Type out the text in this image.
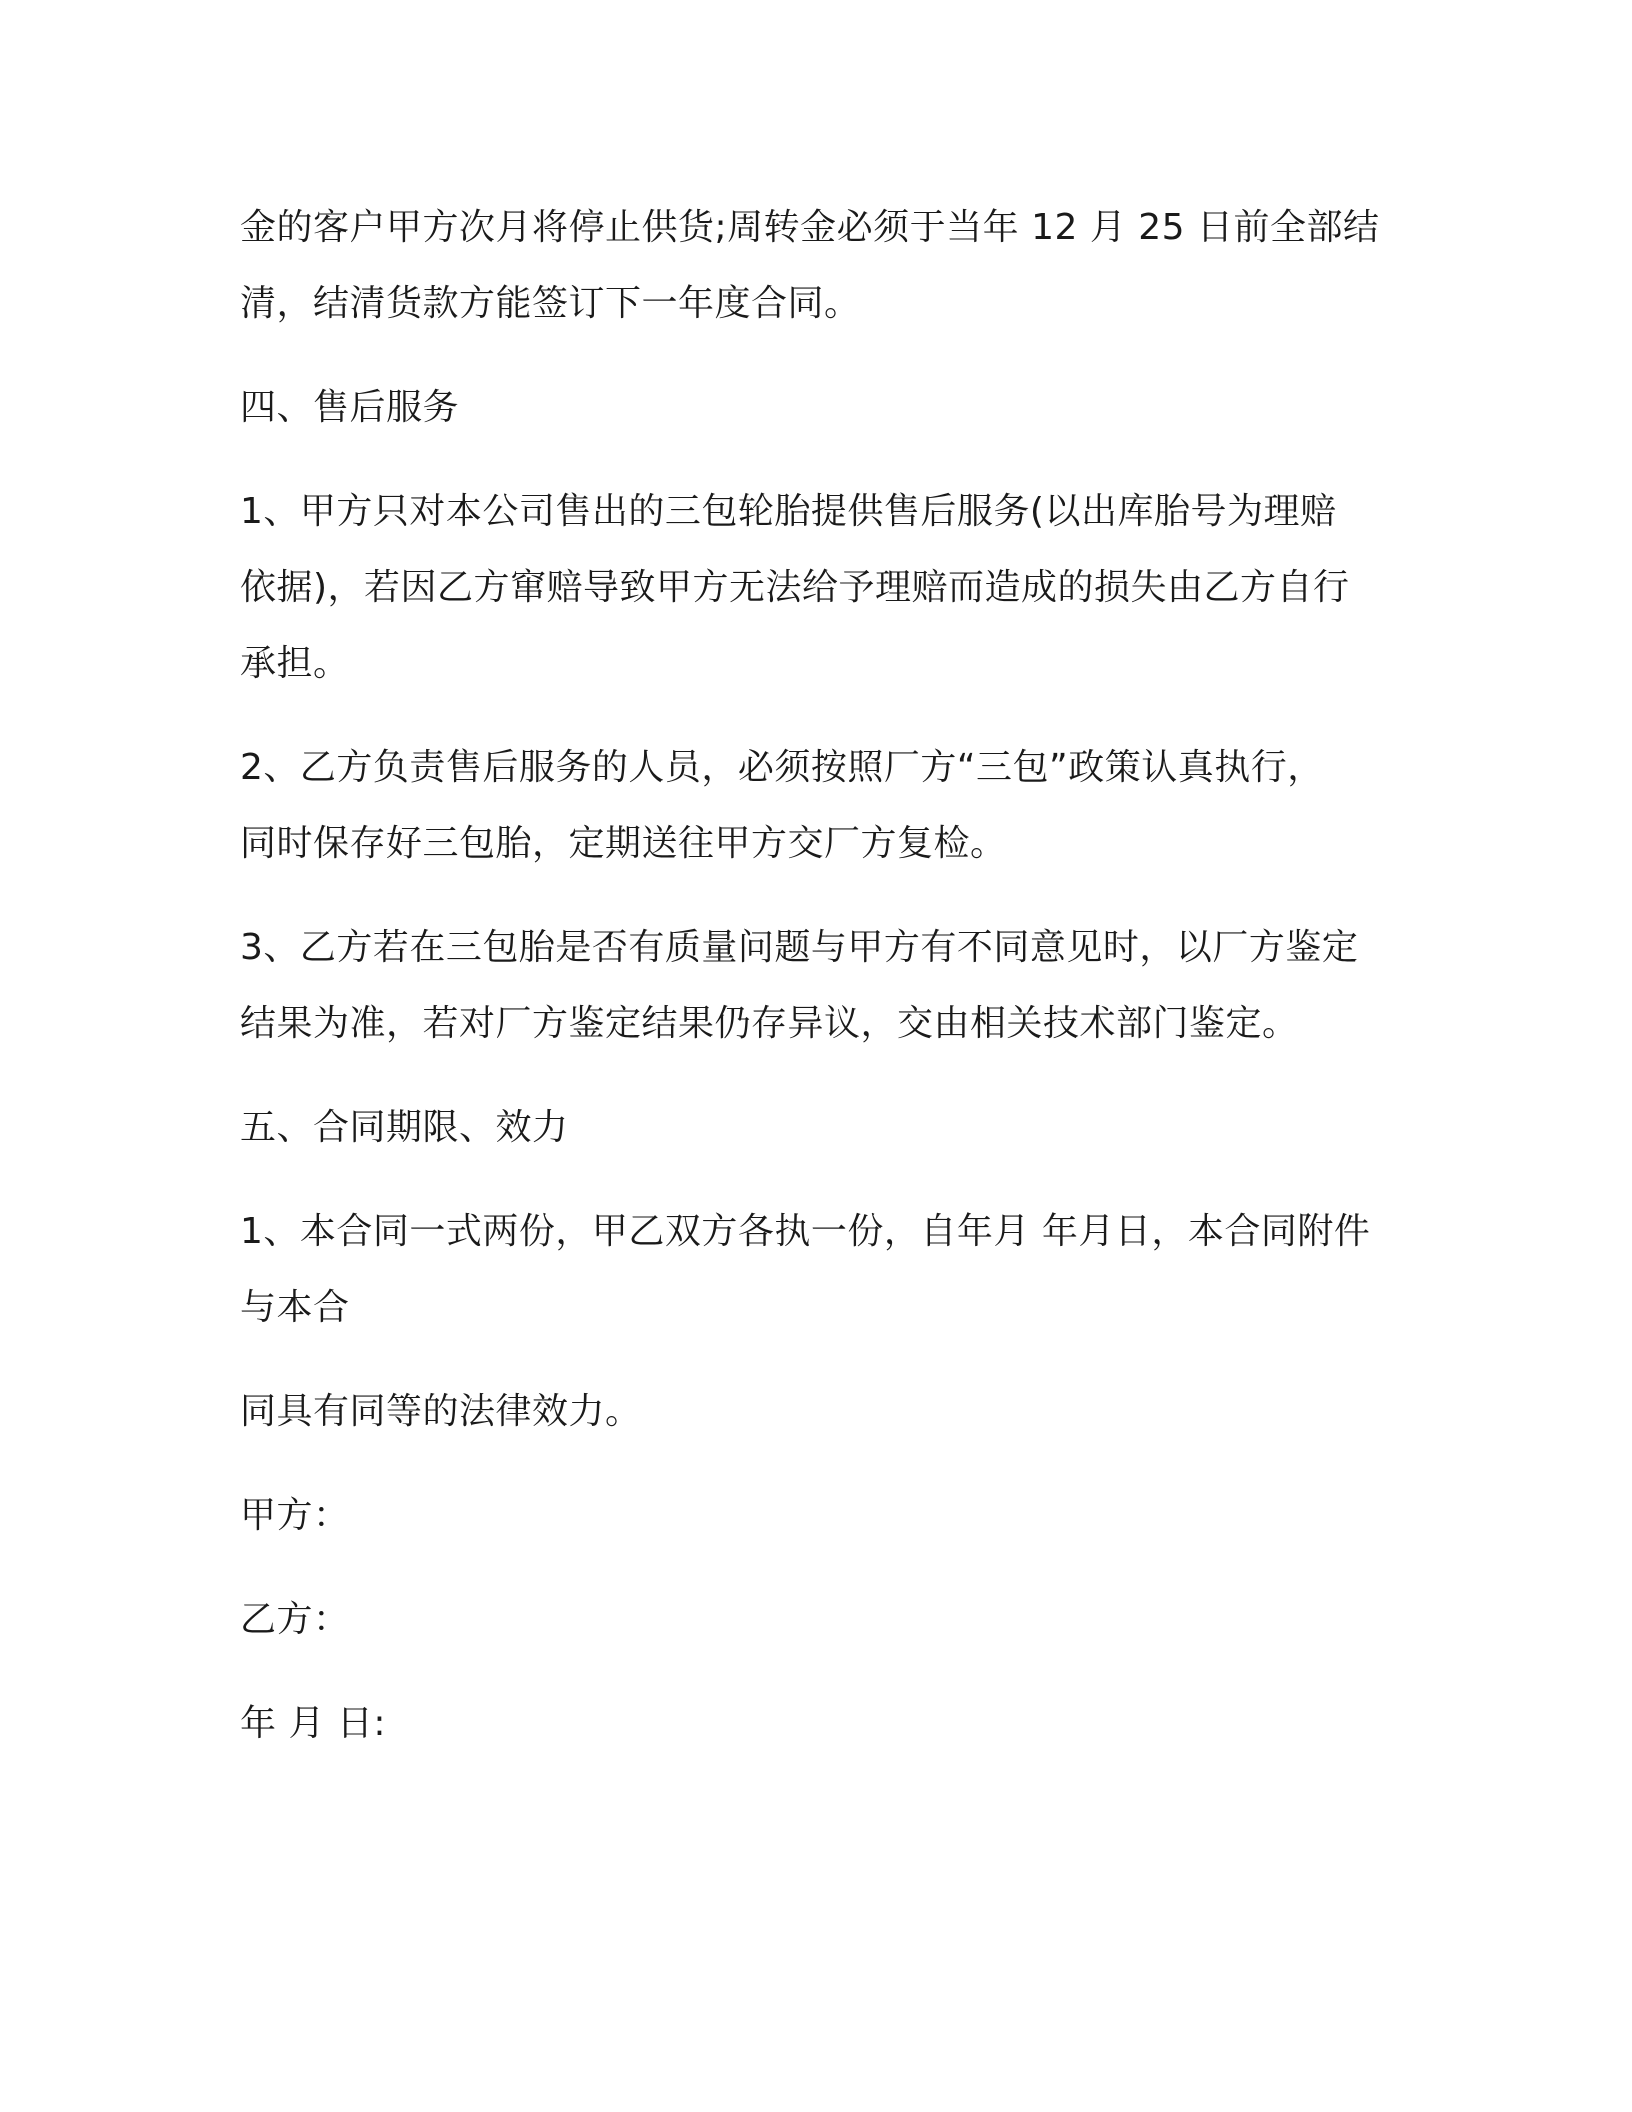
金的客户甲方次月将停止供货;周转金必须于当年 12 月 25 日前全部结
清，结清货款方能签订下一年度合同。

四、售后服务

1、甲方只对本公司售出的三包轮胎提供售后服务(以出库胎号为理赔
依据)，若因乙方窜赔导致甲方无法给予理赔而造成的损失由乙方自行
承担。

2、乙方负责售后服务的人员，必须按照厂方“三包”政策认真执行，
同时保存好三包胎，定期送往甲方交厂方复检。

3、乙方若在三包胎是否有质量问题与甲方有不同意见时，以厂方鉴定
结果为准，若对厂方鉴定结果仍存异议，交由相关技术部门鉴定。

五、合同期限、效力

1、本合同一式两份，甲乙双方各执一份，自年月 年月日，本合同附件
与本合

同具有同等的法律效力。

甲方：

乙方：

年 月 日:
